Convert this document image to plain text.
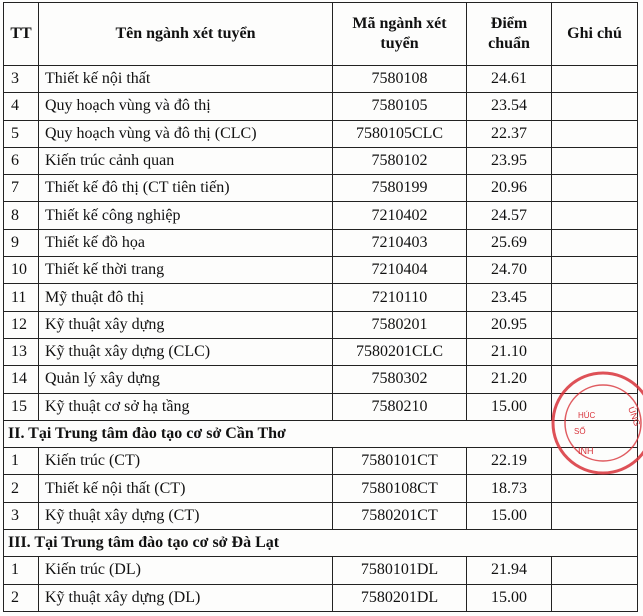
TT	Tên ngành xét tuyển	Mã ngành xét tuyển	Điểm chuẩn	Ghi chú
3	Thiết kế nội thất	7580108	24.61	
4	Quy hoạch vùng và đô thị	7580105	23.54	
5	Quy hoạch vùng và đô thị (CLC)	7580105CLC	22.37	
6	Kiến trúc cảnh quan	7580102	23.95	
7	Thiết kế đô thị (CT tiên tiến)	7580199	20.96	
8	Thiết kế công nghiệp	7210402	24.57	
9	Thiết kế đồ họa	7210403	25.69	
10	Thiết kế thời trang	7210404	24.70	
11	Mỹ thuật đô thị	7210110	23.45	
12	Kỹ thuật xây dựng	7580201	20.95	
13	Kỹ thuật xây dựng (CLC)	7580201CLC	21.10	
14	Quản lý xây dựng	7580302	21.20	
15	Kỹ thuật cơ sở hạ tầng	7580210	15.00	
II. Tại Trung tâm đào tạo cơ sở Cần Thơ				
1	Kiến trúc (CT)	7580101CT	22.19	
2	Thiết kế nội thất (CT)	7580108CT	18.73	
3	Kỹ thuật xây dựng (CT)	7580201CT	15.00	
III. Tại Trung tâm đào tạo cơ sở Đà Lạt				
1	Kiến trúc (DL)	7580101DL	21.94	
2	Kỹ thuật xây dựng (DL)	7580201DL	15.00	
ÚNG
HÚC
SỐ
INH
